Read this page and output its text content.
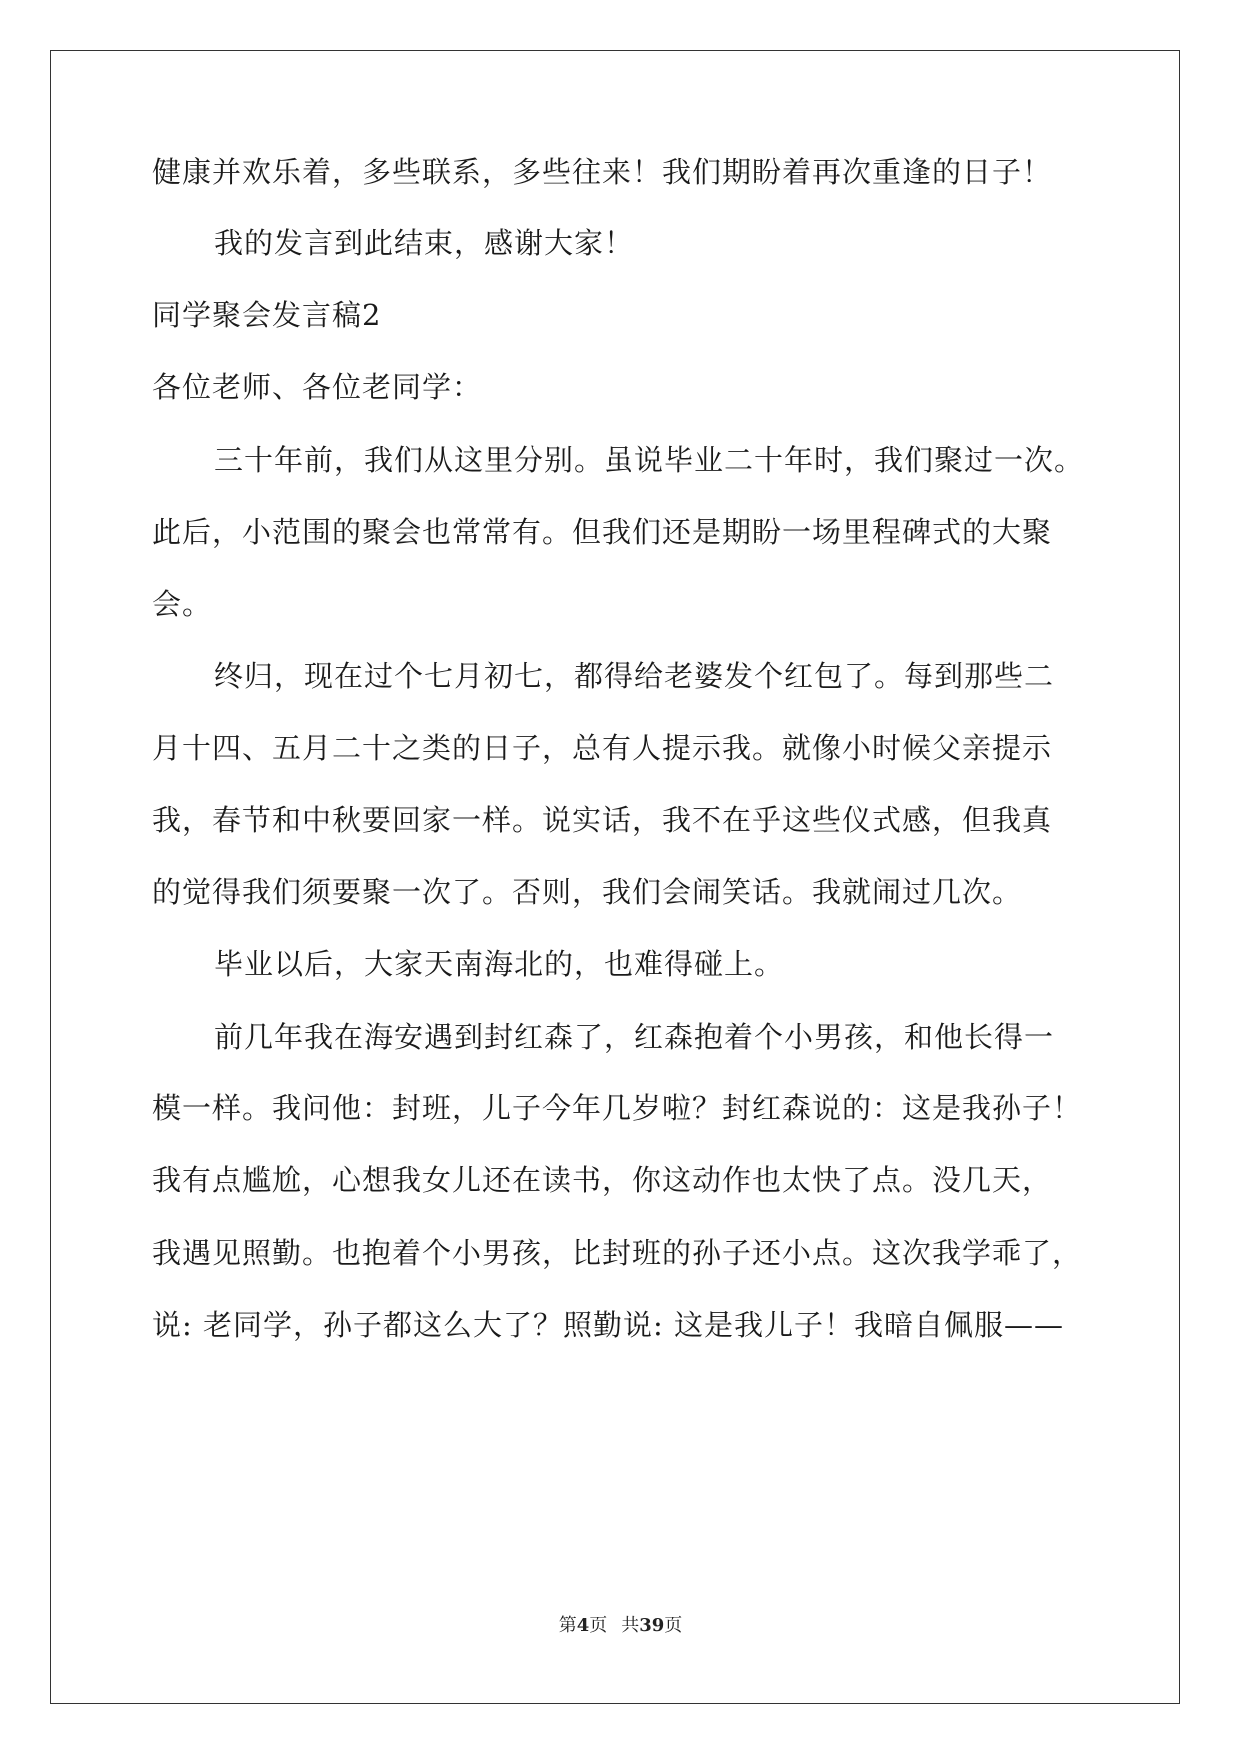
健康并欢乐着，多些联系，多些往来！我们期盼着再次重逢的日子！
我的发言到此结束，感谢大家！
同学聚会发言稿2
各位老师、各位老同学：
三十年前，我们从这里分别。虽说毕业二十年时，我们聚过一次。
此后，小范围的聚会也常常有。但我们还是期盼一场里程碑式的大聚
会。
终归，现在过个七月初七，都得给老婆发个红包了。每到那些二
月十四、五月二十之类的日子，总有人提示我。就像小时候父亲提示
我，春节和中秋要回家一样。说实话，我不在乎这些仪式感，但我真
的觉得我们须要聚一次了。否则，我们会闹笑话。我就闹过几次。
毕业以后，大家天南海北的，也难得碰上。
前几年我在海安遇到封红森了，红森抱着个小男孩，和他长得一
模一样。我问他：封班，儿子今年几岁啦？封红森说的：这是我孙子！
我有点尴尬，心想我女儿还在读书，你这动作也太快了点。没几天，
我遇见照勤。也抱着个小男孩，比封班的孙子还小点。这次我学乖了，
说: 老同学，孙子都这么大了？照勤说: 这是我儿子！我暗自佩服——
第4页 共39页
